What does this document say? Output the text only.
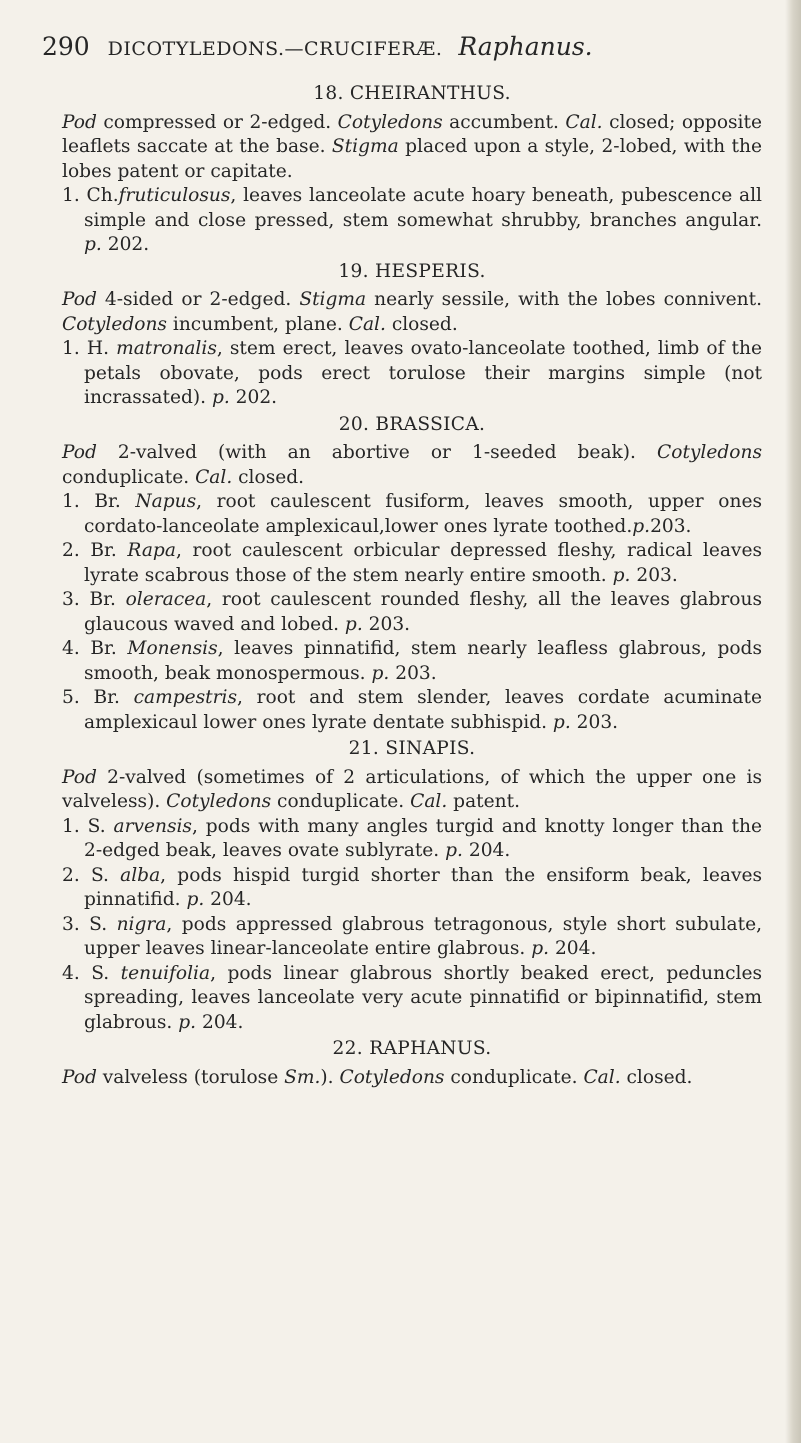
290 DICOTYLEDONS.—CRUCIFERÆ. Raphanus.
18. CHEIRANTHUS.

Pod compressed or 2-edged. Cotyledons accumbent. Cal. closed; opposite leaflets saccate at the base. Stigma placed upon a style, 2-lobed, with the lobes patent or capitate.

1. Ch.fruticulosus, leaves lanceolate acute hoary beneath, pubescence all simple and close pressed, stem somewhat shrubby, branches angular. p. 202.

19. HESPERIS.

Pod 4-sided or 2-edged. Stigma nearly sessile, with the lobes connivent. Cotyledons incumbent, plane. Cal. closed.

1. H. matronalis, stem erect, leaves ovato-lanceolate toothed, limb of the petals obovate, pods erect torulose their margins simple (not incrassated). p. 202.

20. BRASSICA.

Pod 2-valved (with an abortive or 1-seeded beak). Cotyledons conduplicate. Cal. closed.

1. Br. Napus, root caulescent fusiform, leaves smooth, upper ones cordato-lanceolate amplexicaul,lower ones lyrate toothed.p.203.

2. Br. Rapa, root caulescent orbicular depressed fleshy, radical leaves lyrate scabrous those of the stem nearly entire smooth. p. 203.

3. Br. oleracea, root caulescent rounded fleshy, all the leaves glabrous glaucous waved and lobed. p. 203.

4. Br. Monensis, leaves pinnatifid, stem nearly leafless glabrous, pods smooth, beak monospermous. p. 203.

5. Br. campestris, root and stem slender, leaves cordate acuminate amplexicaul lower ones lyrate dentate subhispid. p. 203.

21. SINAPIS.

Pod 2-valved (sometimes of 2 articulations, of which the upper one is valveless). Cotyledons conduplicate. Cal. patent.

1. S. arvensis, pods with many angles turgid and knotty longer than the 2-edged beak, leaves ovate sublyrate. p. 204.

2. S. alba, pods hispid turgid shorter than the ensiform beak, leaves pinnatifid. p. 204.

3. S. nigra, pods appressed glabrous tetragonous, style short subulate, upper leaves linear-lanceolate entire glabrous. p. 204.

4. S. tenuifolia, pods linear glabrous shortly beaked erect, peduncles spreading, leaves lanceolate very acute pinnatifid or bipinnatifid, stem glabrous. p. 204.

22. RAPHANUS.

Pod valveless (torulose Sm.). Cotyledons conduplicate. Cal. closed.
